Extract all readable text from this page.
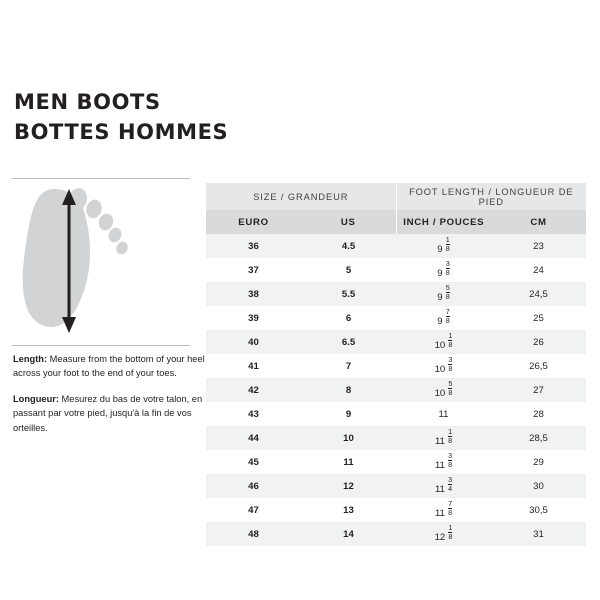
MEN BOOTS
BOTTES HOMMES

Length: Measure from the bottom of your heel across your foot to the end of your toes.

Longueur: Mesurez du bas de votre talon, en passant par votre pied, jusqu'à la fin de vos orteilles.

SIZE / GRANDEUR		FOOT LENGTH / LONGUEUR DE PIED	
EURO	US	INCH / POUCES	CM
36	4.5	$9 \frac{1}{8}$	23
37	5	$9 \frac{3}{8}$	24
38	5.5	$9 \frac{5}{8}$	24,5
39	6	$9 \frac{7}{8}$	25
40	6.5	$10 \frac{1}{8}$	26
41	7	$10 \frac{3}{8}$	26,5
42	8	$10 \frac{5}{8}$	27
43	9	11	28
44	10	$11 \frac{1}{8}$	28,5
45	11	$11 \frac{3}{8}$	29
46	12	$11 \frac{3}{4}$	30
47	13	$11 \frac{7}{8}$	30,5
48	14	$12 \frac{1}{8}$	31
